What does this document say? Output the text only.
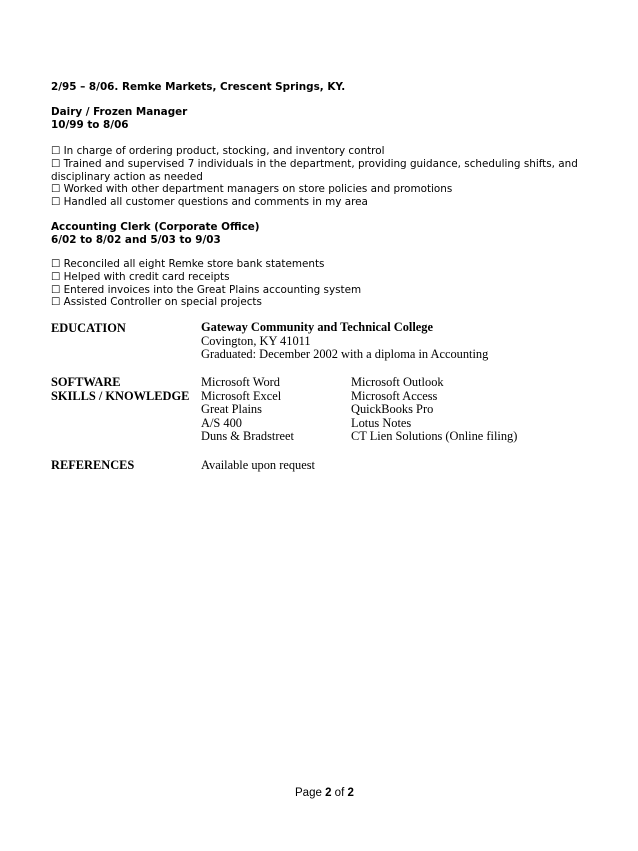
2/95 – 8/06. Remke Markets, Crescent Springs, KY.
Dairy / Frozen Manager
10/99 to 8/06
☐ In charge of ordering product, stocking, and inventory control
☐ Trained and supervised 7 individuals in the department, providing guidance, scheduling shifts, and disciplinary action as needed
☐ Worked with other department managers on store policies and promotions
☐ Handled all customer questions and comments in my area
Accounting Clerk (Corporate Office)
6/02 to 8/02 and 5/03 to 9/03
☐ Reconciled all eight Remke store bank statements
☐ Helped with credit card receipts
☐ Entered invoices into the Great Plains accounting system
☐ Assisted Controller on special projects
EDUCATION	Gateway Community and Technical College
Covington, KY 41011
Graduated: December 2002 with a diploma in Accounting
SOFTWARE
SKILLS / KNOWLEDGE
Microsoft Word
Microsoft Excel
Great Plains
A/S 400
Duns & Bradstreet
Microsoft Outlook
Microsoft Access
QuickBooks Pro
Lotus Notes
CT Lien Solutions (Online filing)
REFERENCES	Available upon request
Page 2 of 2
